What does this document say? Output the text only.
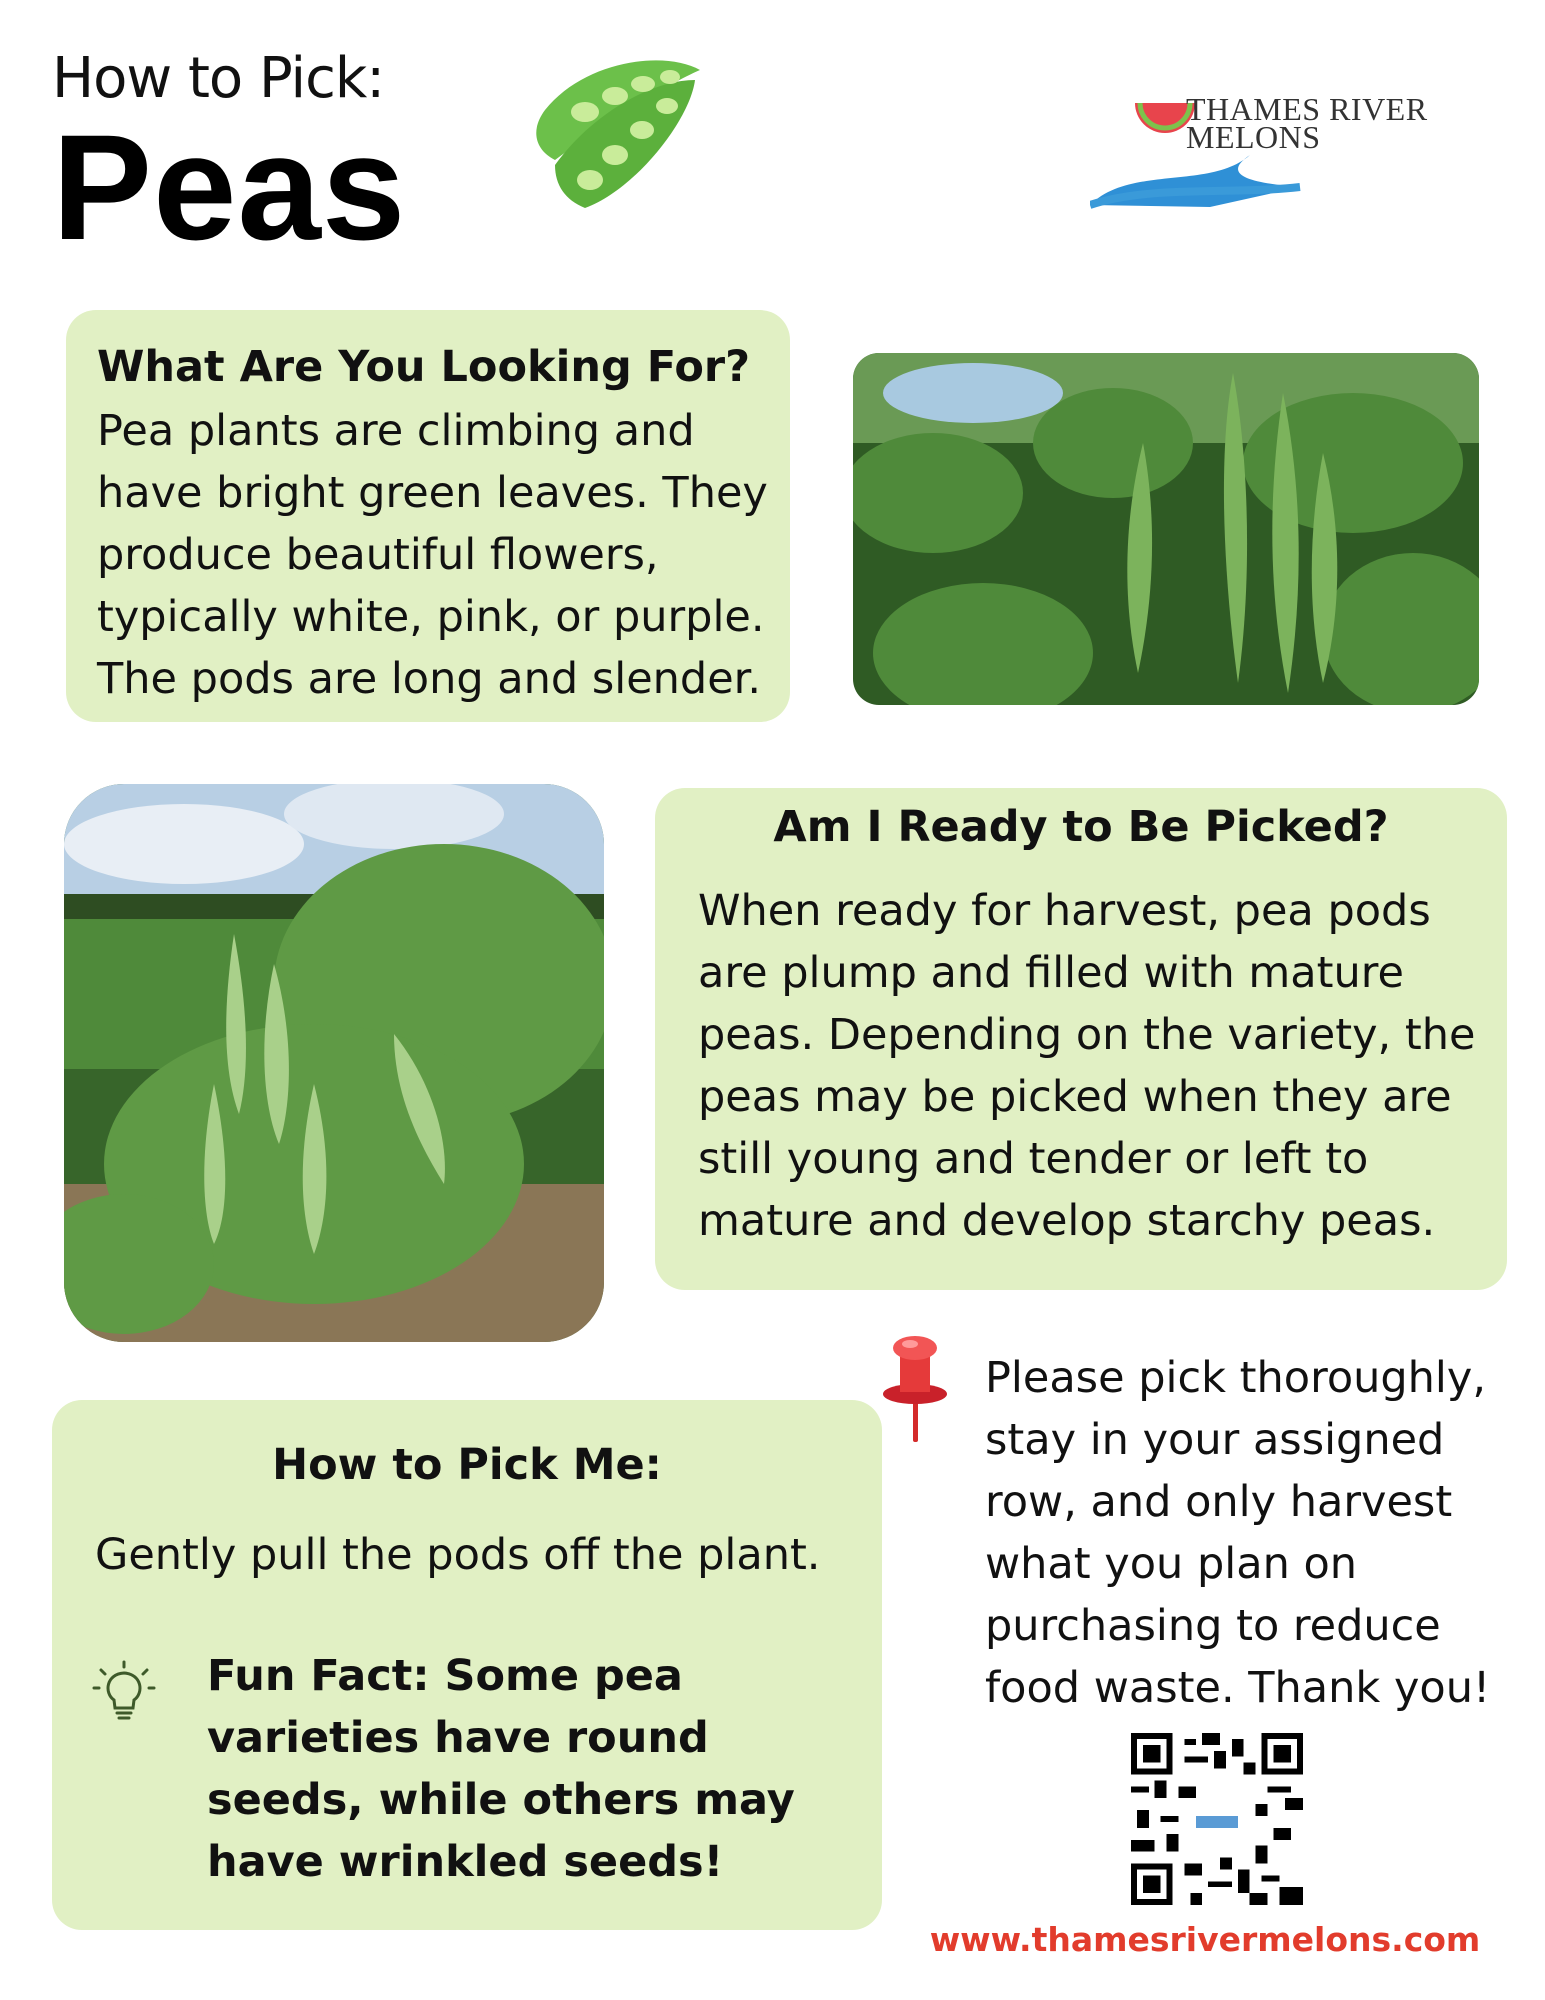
How to Pick:
Peas	THAMES RIVER
MELONS
What Are You Looking For?
Pea plants are climbing and have bright green leaves. They produce beautiful flowers, typically white, pink, or purple. The pods are long and slender.
Am I Ready to Be Picked?
When ready for harvest, pea pods are plump and filled with mature peas. Depending on the variety, the peas may be picked when they are still young and tender or left to mature and develop starchy peas.
How to Pick Me:
Gently pull the pods off the plant.
Fun Fact: Some pea varieties have round seeds, while others may have wrinkled seeds!
Please pick thoroughly, stay in your assigned row, and only harvest what you plan on purchasing to reduce food waste. Thank you!
www.thamesrivermelons.com
